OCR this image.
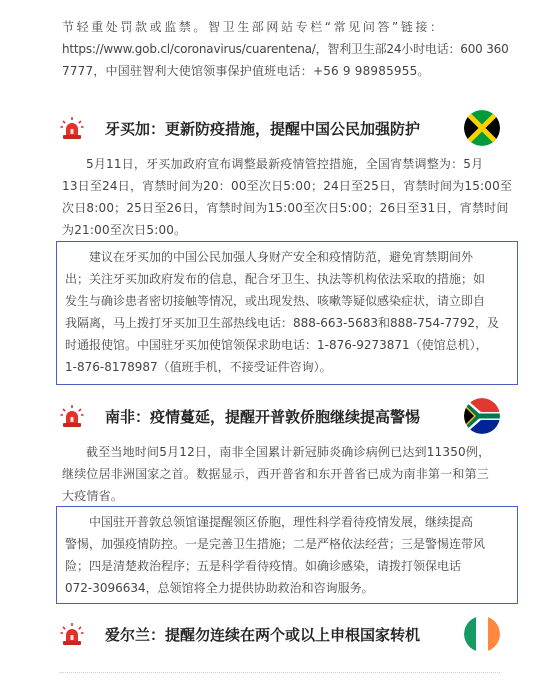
节轻重处罚款或监禁。智卫生部网站专栏“常见问答”链接：
https://www.gob.cl/coronavirus/cuarentena/，智利卫生部24小时电话：600 360
7777，中国驻智利大使馆领事保护值班电话：+56 9 98985955。
牙买加：更新防疫措施，提醒中国公民加强防护
5月11日，牙买加政府宣布调整最新疫情管控措施，全国宵禁调整为：5月
13日至24日，宵禁时间为20：00至次日5:00；24日至25日，宵禁时间为15:00至
次日8:00；25日至26日，宵禁时间为15:00至次日5:00；26日至31日，宵禁时间
为21:00至次日5:00。
建议在牙买加的中国公民加强人身财产安全和疫情防范，避免宵禁期间外
出；关注牙买加政府发布的信息，配合牙卫生、执法等机构依法采取的措施；如
发生与确诊患者密切接触等情况，或出现发热、咳嗽等疑似感染症状，请立即自
我隔离，马上拨打牙买加卫生部热线电话：888-663-5683和888-754-7792，及
时通报使馆。中国驻牙买加使馆领保求助电话：1-876-9273871（使馆总机），
1-876-8178987（值班手机，不接受证件咨询）。
南非：疫情蔓延，提醒开普敦侨胞继续提高警惕
截至当地时间5月12日，南非全国累计新冠肺炎确诊病例已达到11350例，
继续位居非洲国家之首。数据显示，西开普省和东开普省已成为南非第一和第三
大疫情省。
中国驻开普敦总领馆谨提醒领区侨胞，理性科学看待疫情发展，继续提高
警惕，加强疫情防控。一是完善卫生措施；二是严格依法经营；三是警惕连带风
险；四是清楚救治程序；五是科学看待疫情。如确诊感染，请拨打领保电话
072-3096634，总领馆将全力提供协助救治和咨询服务。
爱尔兰：提醒勿连续在两个或以上申根国家转机
